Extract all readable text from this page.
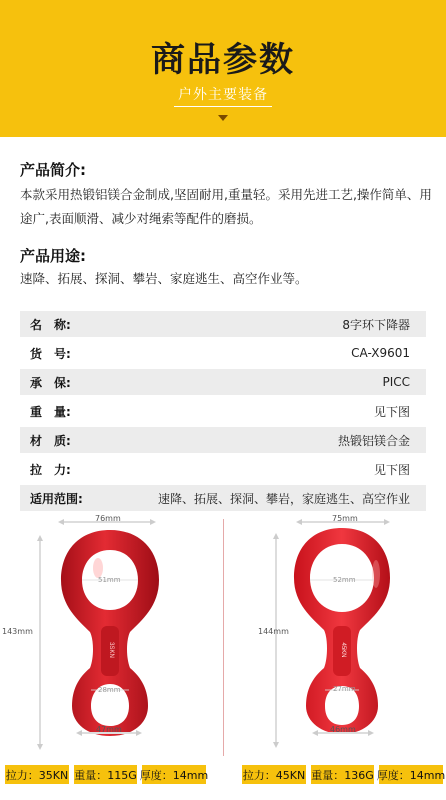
商品参数
户外主要装备
产品简介:
本款采用热锻铝镁合金制成,坚固耐用,重量轻。采用先进工艺,操作简单、用途广,表面顺滑、减少对绳索等配件的磨损。
产品用途:
速降、拓展、探洞、攀岩、家庭逃生、高空作业等。
名　称:	8字环下降器
货　号:	CA-X9601
承　保:	PICC
重　量:	见下图
材　质:	热锻铝镁合金
拉　力:	见下图
适用范围:	速降、拓展、探洞、攀岩，家庭逃生、高空作业
76mm
143mm
3SKN
51mm
28mm
47mm
拉力：35KN 重量：115G 厚度：14mm
75mm
144mm
45KN
52mm
27mm
46mm
拉力：45KN 重量：136G 厚度：14mm
